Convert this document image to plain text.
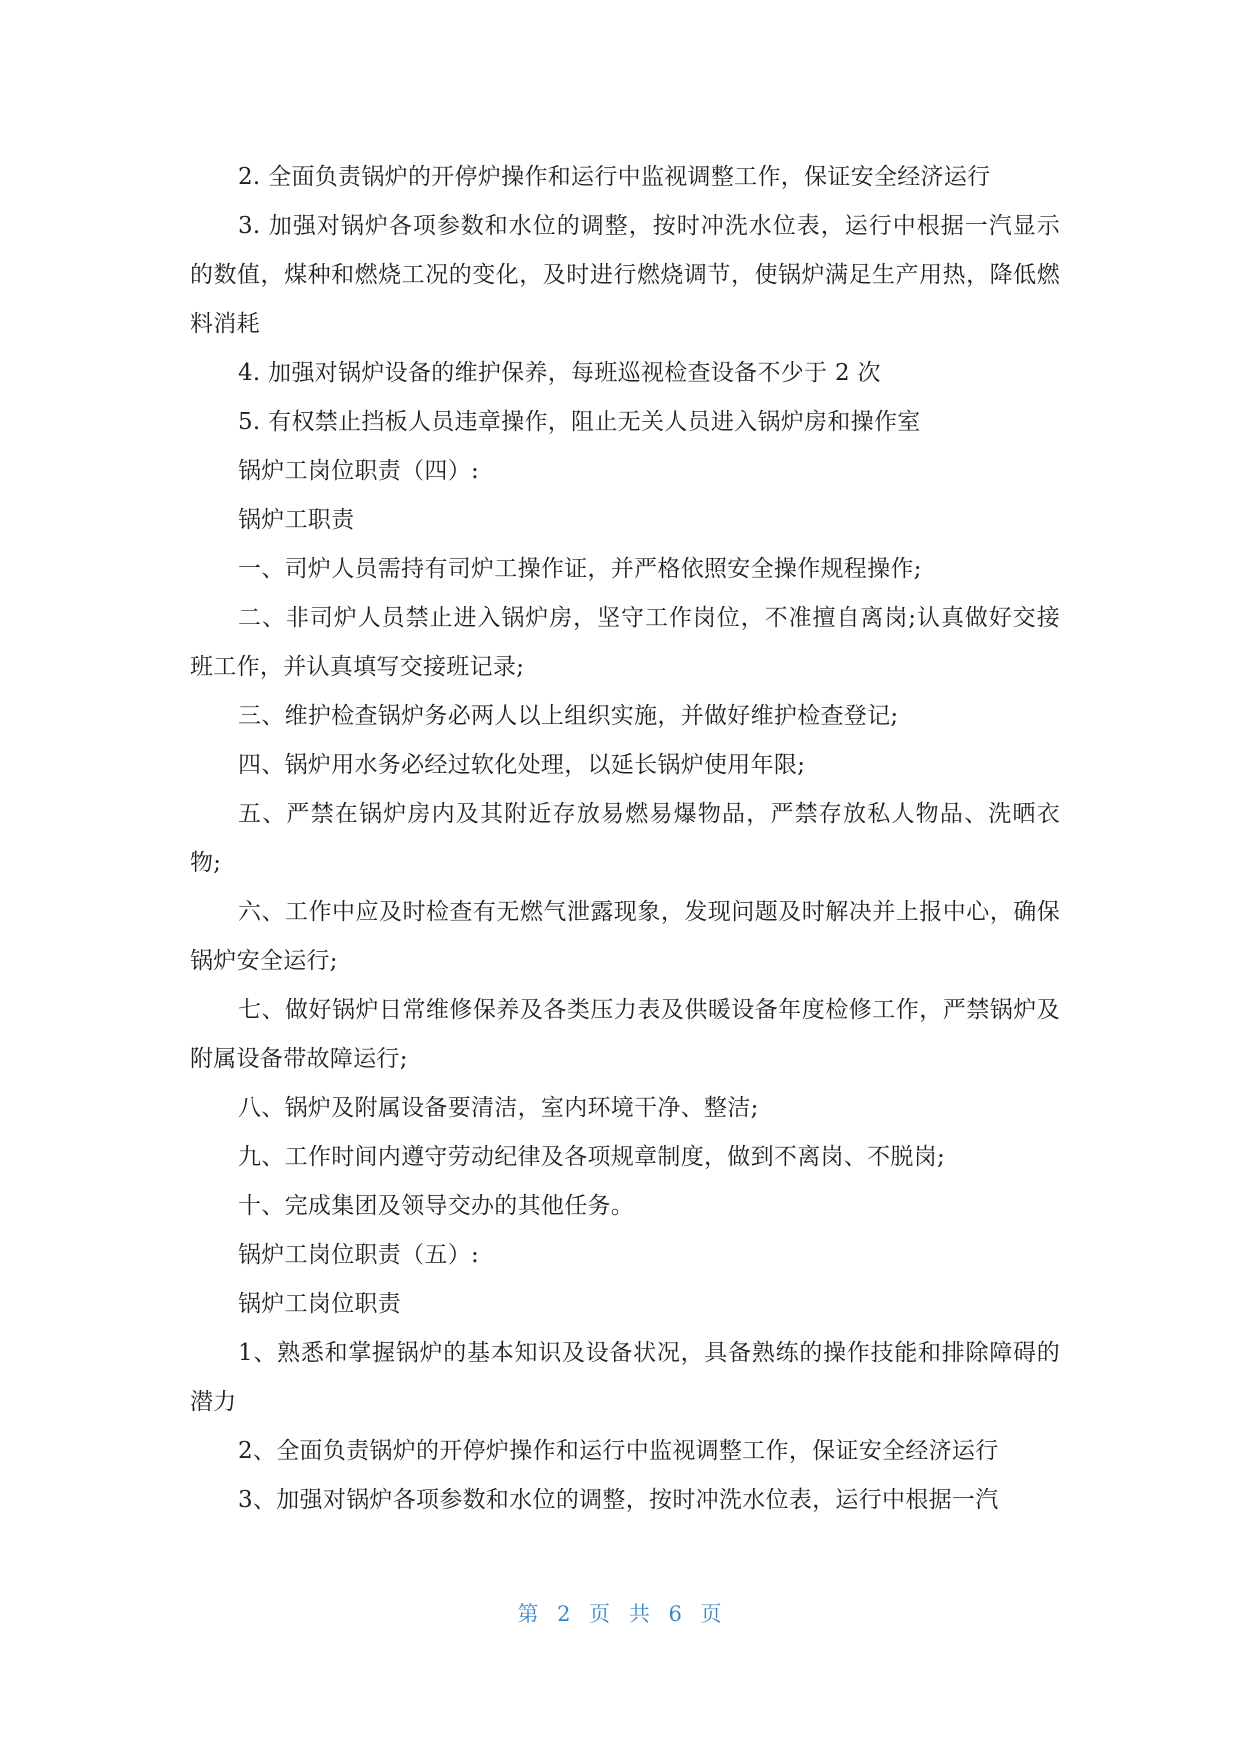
2. 全面负责锅炉的开停炉操作和运行中监视调整工作，保证安全经济运行

3. 加强对锅炉各项参数和水位的调整，按时冲洗水位表，运行中根据一汽显示的数值，煤种和燃烧工况的变化，及时进行燃烧调节，使锅炉满足生产用热，降低燃料消耗

4. 加强对锅炉设备的维护保养，每班巡视检查设备不少于 2 次

5. 有权禁止挡板人员违章操作，阻止无关人员进入锅炉房和操作室

锅炉工岗位职责（四）:

锅炉工职责

一、司炉人员需持有司炉工操作证，并严格依照安全操作规程操作;

二、非司炉人员禁止进入锅炉房，坚守工作岗位，不准擅自离岗;认真做好交接班工作，并认真填写交接班记录;

三、维护检查锅炉务必两人以上组织实施，并做好维护检查登记;

四、锅炉用水务必经过软化处理，以延长锅炉使用年限;

五、严禁在锅炉房内及其附近存放易燃易爆物品，严禁存放私人物品、洗晒衣物;

六、工作中应及时检查有无燃气泄露现象，发现问题及时解决并上报中心，确保锅炉安全运行;

七、做好锅炉日常维修保养及各类压力表及供暖设备年度检修工作，严禁锅炉及附属设备带故障运行;

八、锅炉及附属设备要清洁，室内环境干净、整洁;

九、工作时间内遵守劳动纪律及各项规章制度，做到不离岗、不脱岗;

十、完成集团及领导交办的其他任务。

锅炉工岗位职责（五）:

锅炉工岗位职责

1、熟悉和掌握锅炉的基本知识及设备状况，具备熟练的操作技能和排除障碍的潜力

2、全面负责锅炉的开停炉操作和运行中监视调整工作，保证安全经济运行

3、加强对锅炉各项参数和水位的调整，按时冲洗水位表，运行中根据一汽

第 2 页 共 6 页
